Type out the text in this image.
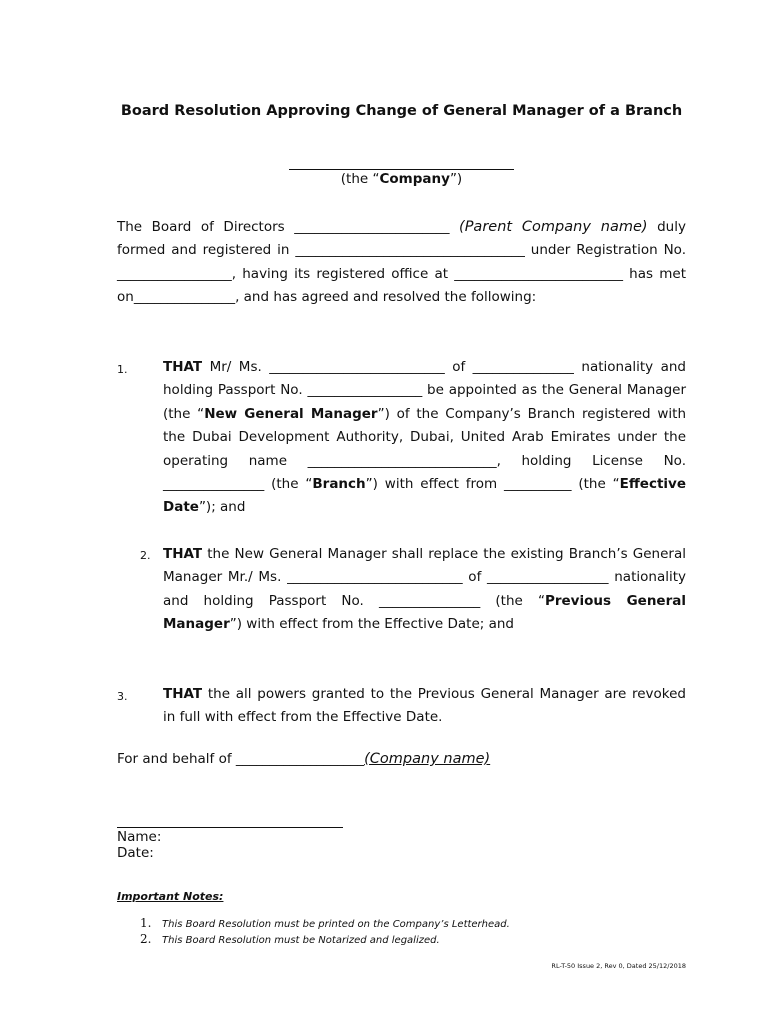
Board Resolution Approving Change of General Manager of a Branch
(the “Company”)
The Board of Directors _______________________ (Parent Company name) duly formed and registered in __________________________________ under Registration No. _________________, having its registered office at _________________________ has met on_______________, and has agreed and resolved the following:
1.	THAT Mr/ Ms. __________________________ of _______________ nationality and holding Passport No. _________________ be appointed as the General Manager (the “New General Manager”) of the Company’s Branch registered with the Dubai Development Authority, Dubai, United Arab Emirates under the operating name ____________________________, holding License No. _______________ (the “Branch”) with effect from __________ (the “Effective Date”); and
2. THAT the New General Manager shall replace the existing Branch’s General Manager Mr./ Ms. __________________________ of __________________ nationality and holding Passport No. _______________ (the “Previous General Manager”) with effect from the Effective Date; and
3.	THAT the all powers granted to the Previous General Manager are revoked in full with effect from the Effective Date.
For and behalf of ___________________(Company name)
Name:
Date:
Important Notes:
1. This Board Resolution must be printed on the Company’s Letterhead.
2. This Board Resolution must be Notarized and legalized.
RL-T-50 Issue 2, Rev 0, Dated 25/12/2018
